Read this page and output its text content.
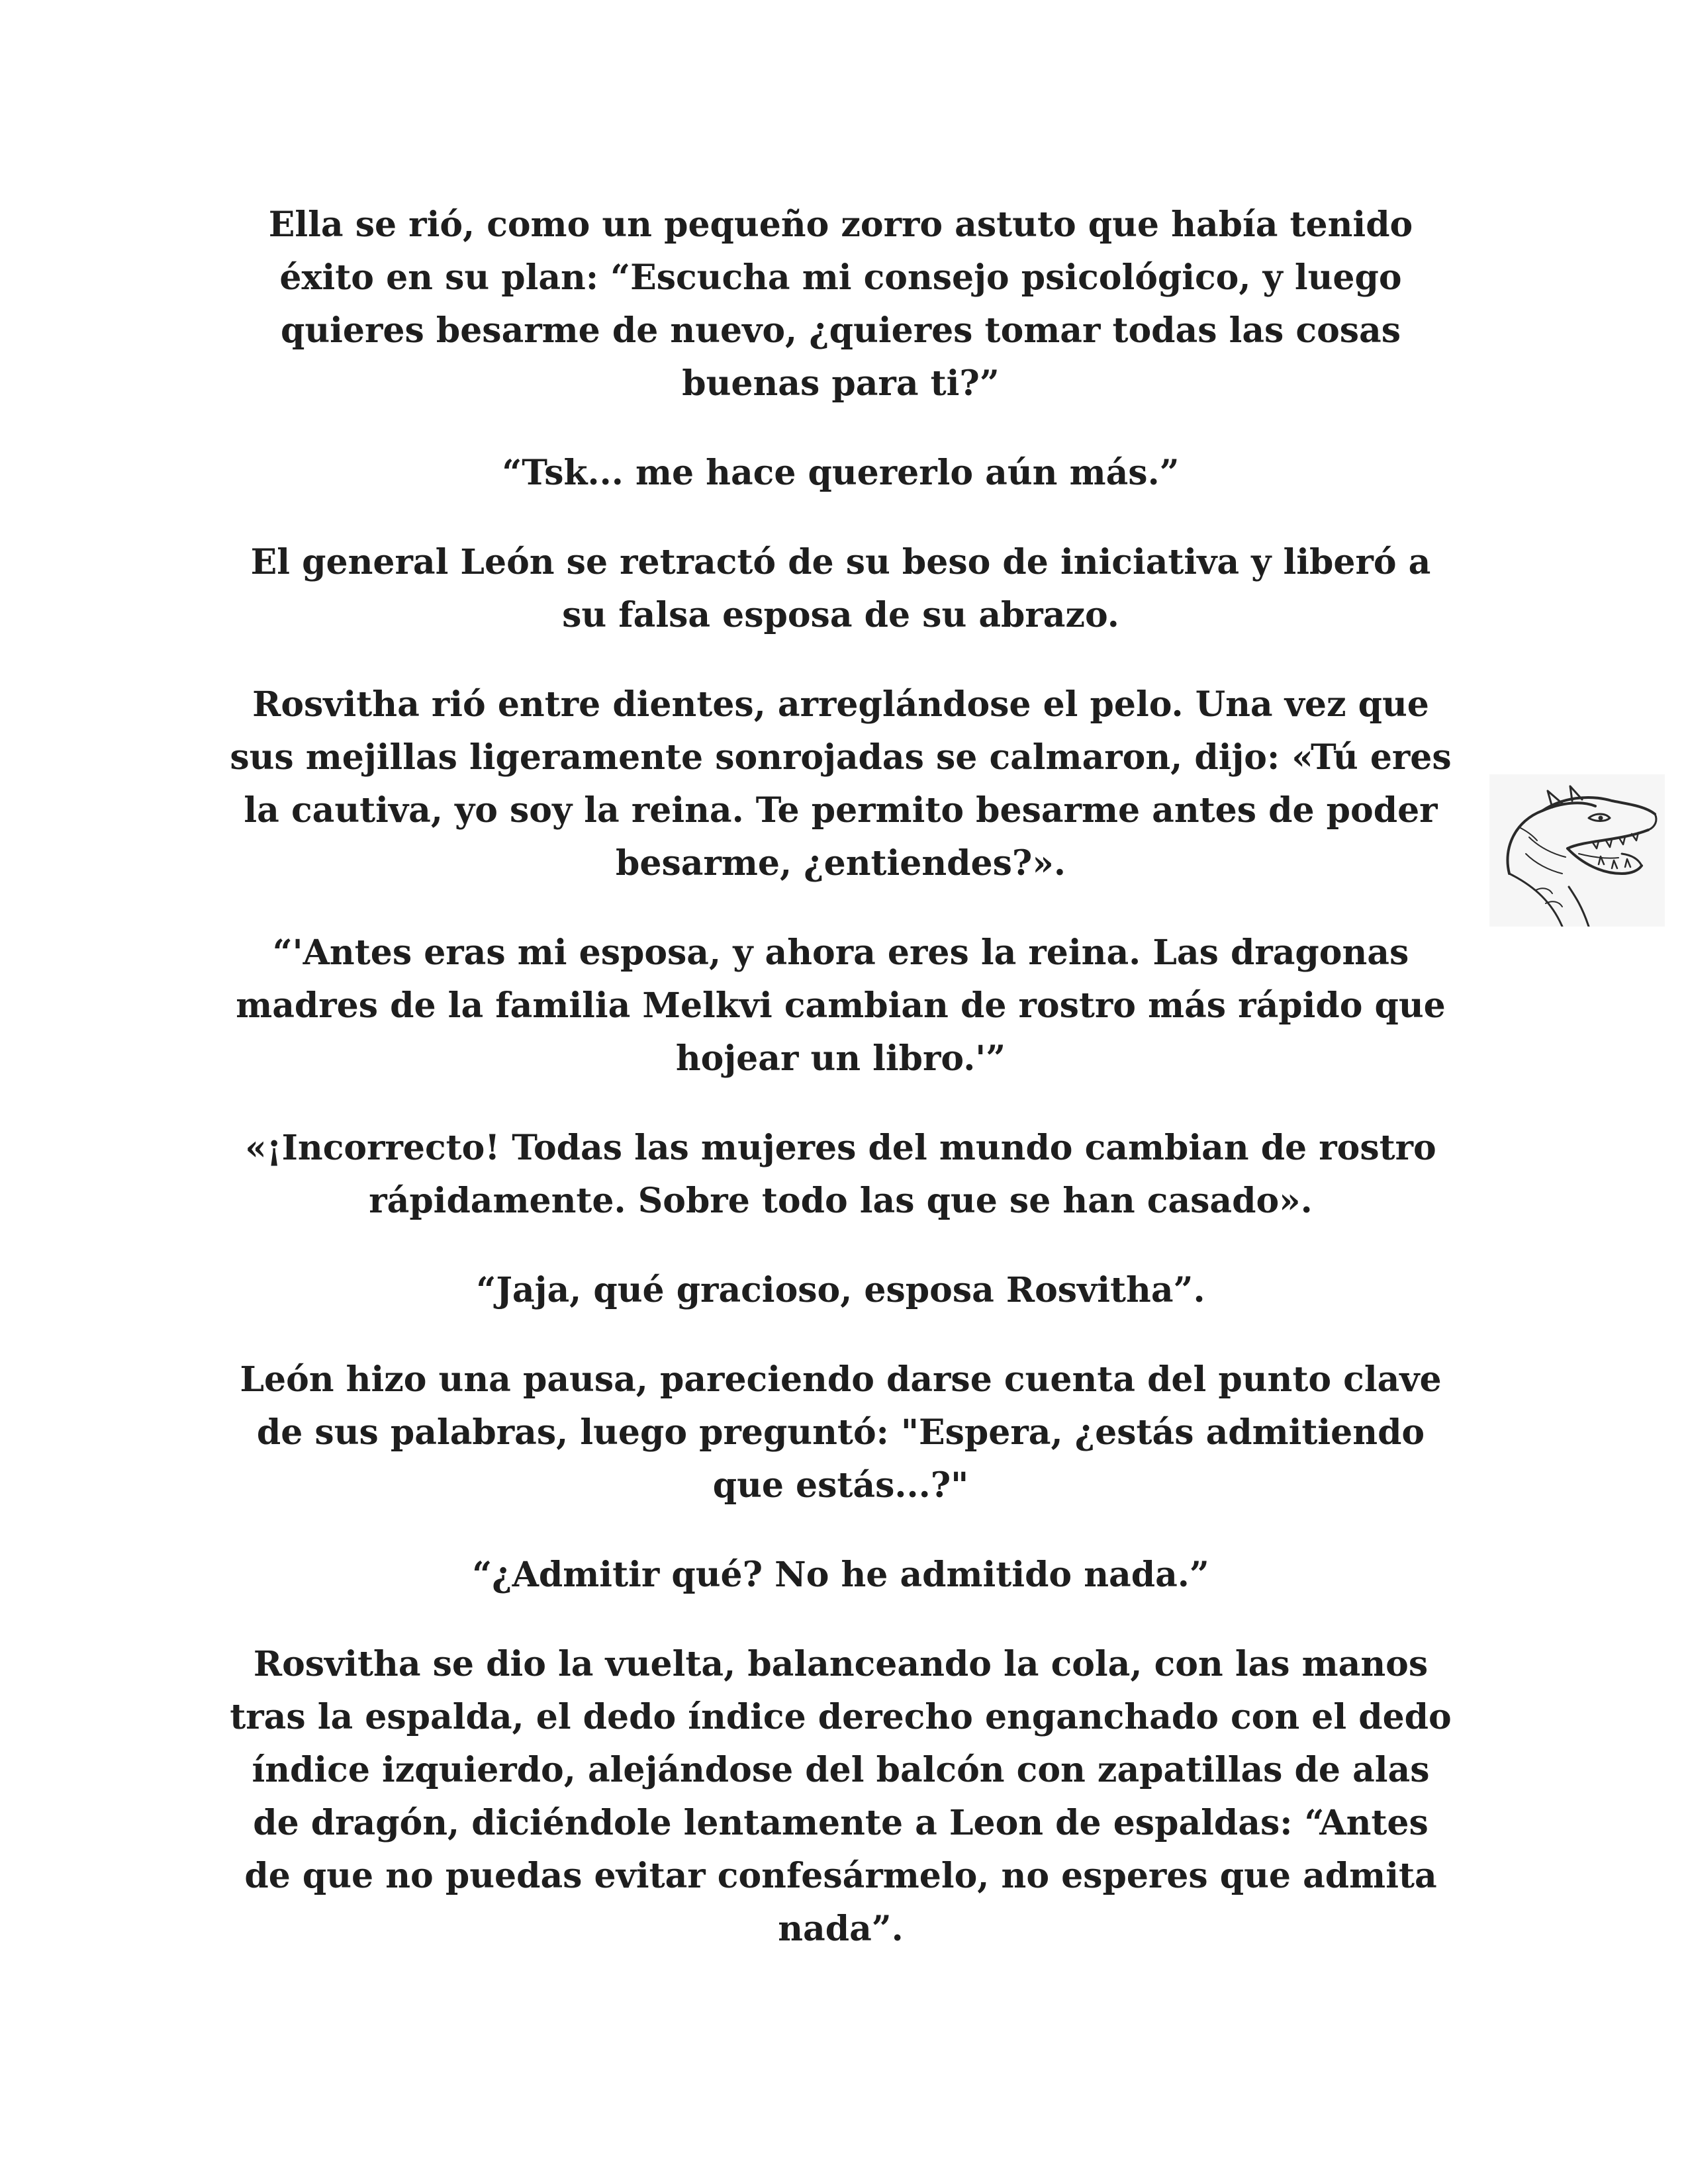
Ella se rió, como un pequeño zorro astuto que había tenido éxito en su plan: “Escucha mi consejo psicológico, y luego quieres besarme de nuevo, ¿quieres tomar todas las cosas buenas para ti?”

“Tsk... me hace quererlo aún más.”

El general León se retractó de su beso de iniciativa y liberó a su falsa esposa de su abrazo.

Rosvitha rió entre dientes, arreglándose el pelo. Una vez que sus mejillas ligeramente sonrojadas se calmaron, dijo: «Tú eres la cautiva, yo soy la reina. Te permito besarme antes de poder besarme, ¿entiendes?».

“'Antes eras mi esposa, y ahora eres la reina. Las dragonas madres de la familia Melkvi cambian de rostro más rápido que hojear un libro.'”

«¡Incorrecto! Todas las mujeres del mundo cambian de rostro rápidamente. Sobre todo las que se han casado».

“Jaja, qué gracioso, esposa Rosvitha”.

León hizo una pausa, pareciendo darse cuenta del punto clave de sus palabras, luego preguntó: "Espera, ¿estás admitiendo que estás...?"

“¿Admitir qué? No he admitido nada.”

Rosvitha se dio la vuelta, balanceando la cola, con las manos tras la espalda, el dedo índice derecho enganchado con el dedo índice izquierdo, alejándose del balcón con zapatillas de alas de dragón, diciéndole lentamente a Leon de espaldas: “Antes de que no puedas evitar confesármelo, no esperes que admita nada”.
